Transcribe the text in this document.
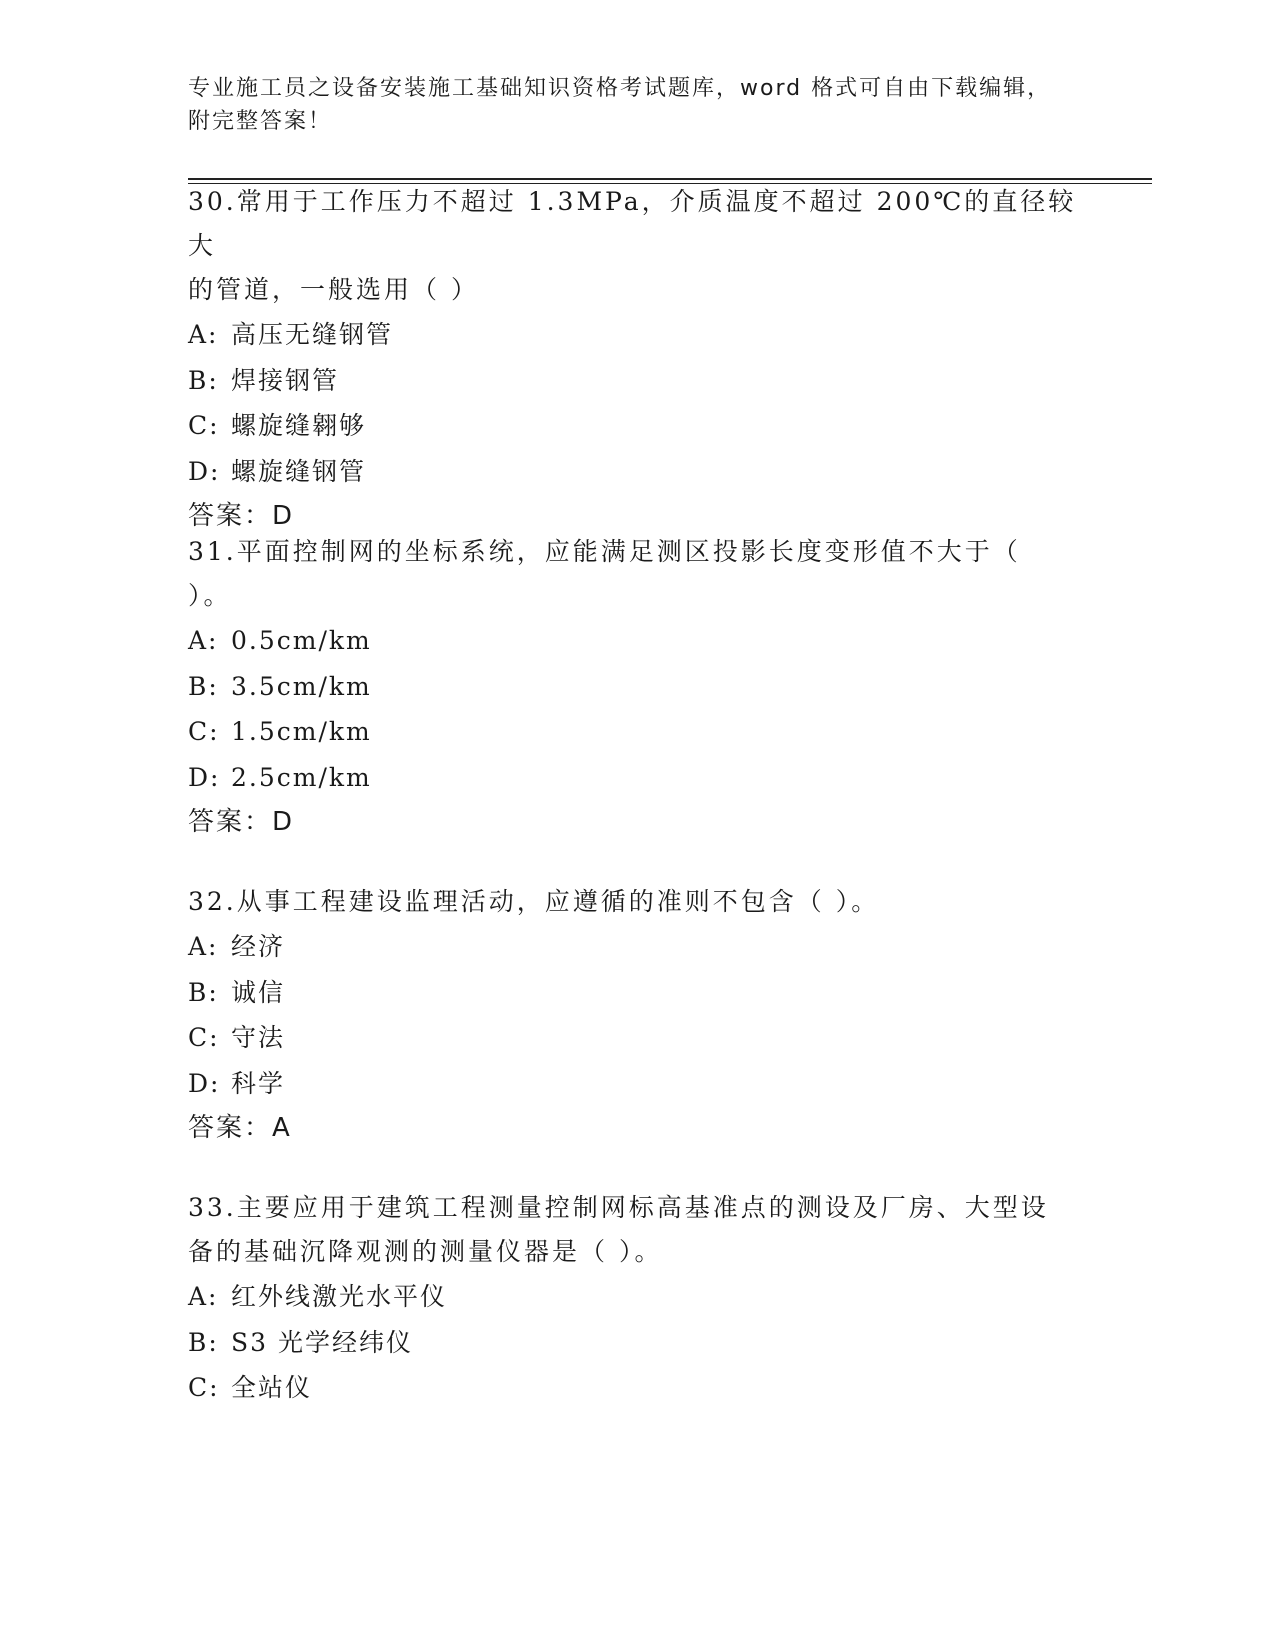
专业施工员之设备安装施工基础知识资格考试题库，word 格式可自由下载编辑，
附完整答案！
30.常用于工作压力不超过 1.3MPa，介质温度不超过 200℃的直径较大
的管道，一般选用（ ）
A: 高压无缝钢管
B: 焊接钢管
C: 螺旋缝翱够
D: 螺旋缝钢管
答案：D
31.平面控制网的坐标系统，应能满足测区投影长度变形值不大于（
）。
A: 0.5cm/km
B: 3.5cm/km
C: 1.5cm/km
D: 2.5cm/km
答案：D
32.从事工程建设监理活动，应遵循的准则不包含（ ）。
A: 经济
B: 诚信
C: 守法
D: 科学
答案：A
33.主要应用于建筑工程测量控制网标高基准点的测设及厂房、大型设
备的基础沉降观测的测量仪器是（ ）。
A: 红外线激光水平仪
B: S3 光学经纬仪
C: 全站仪
